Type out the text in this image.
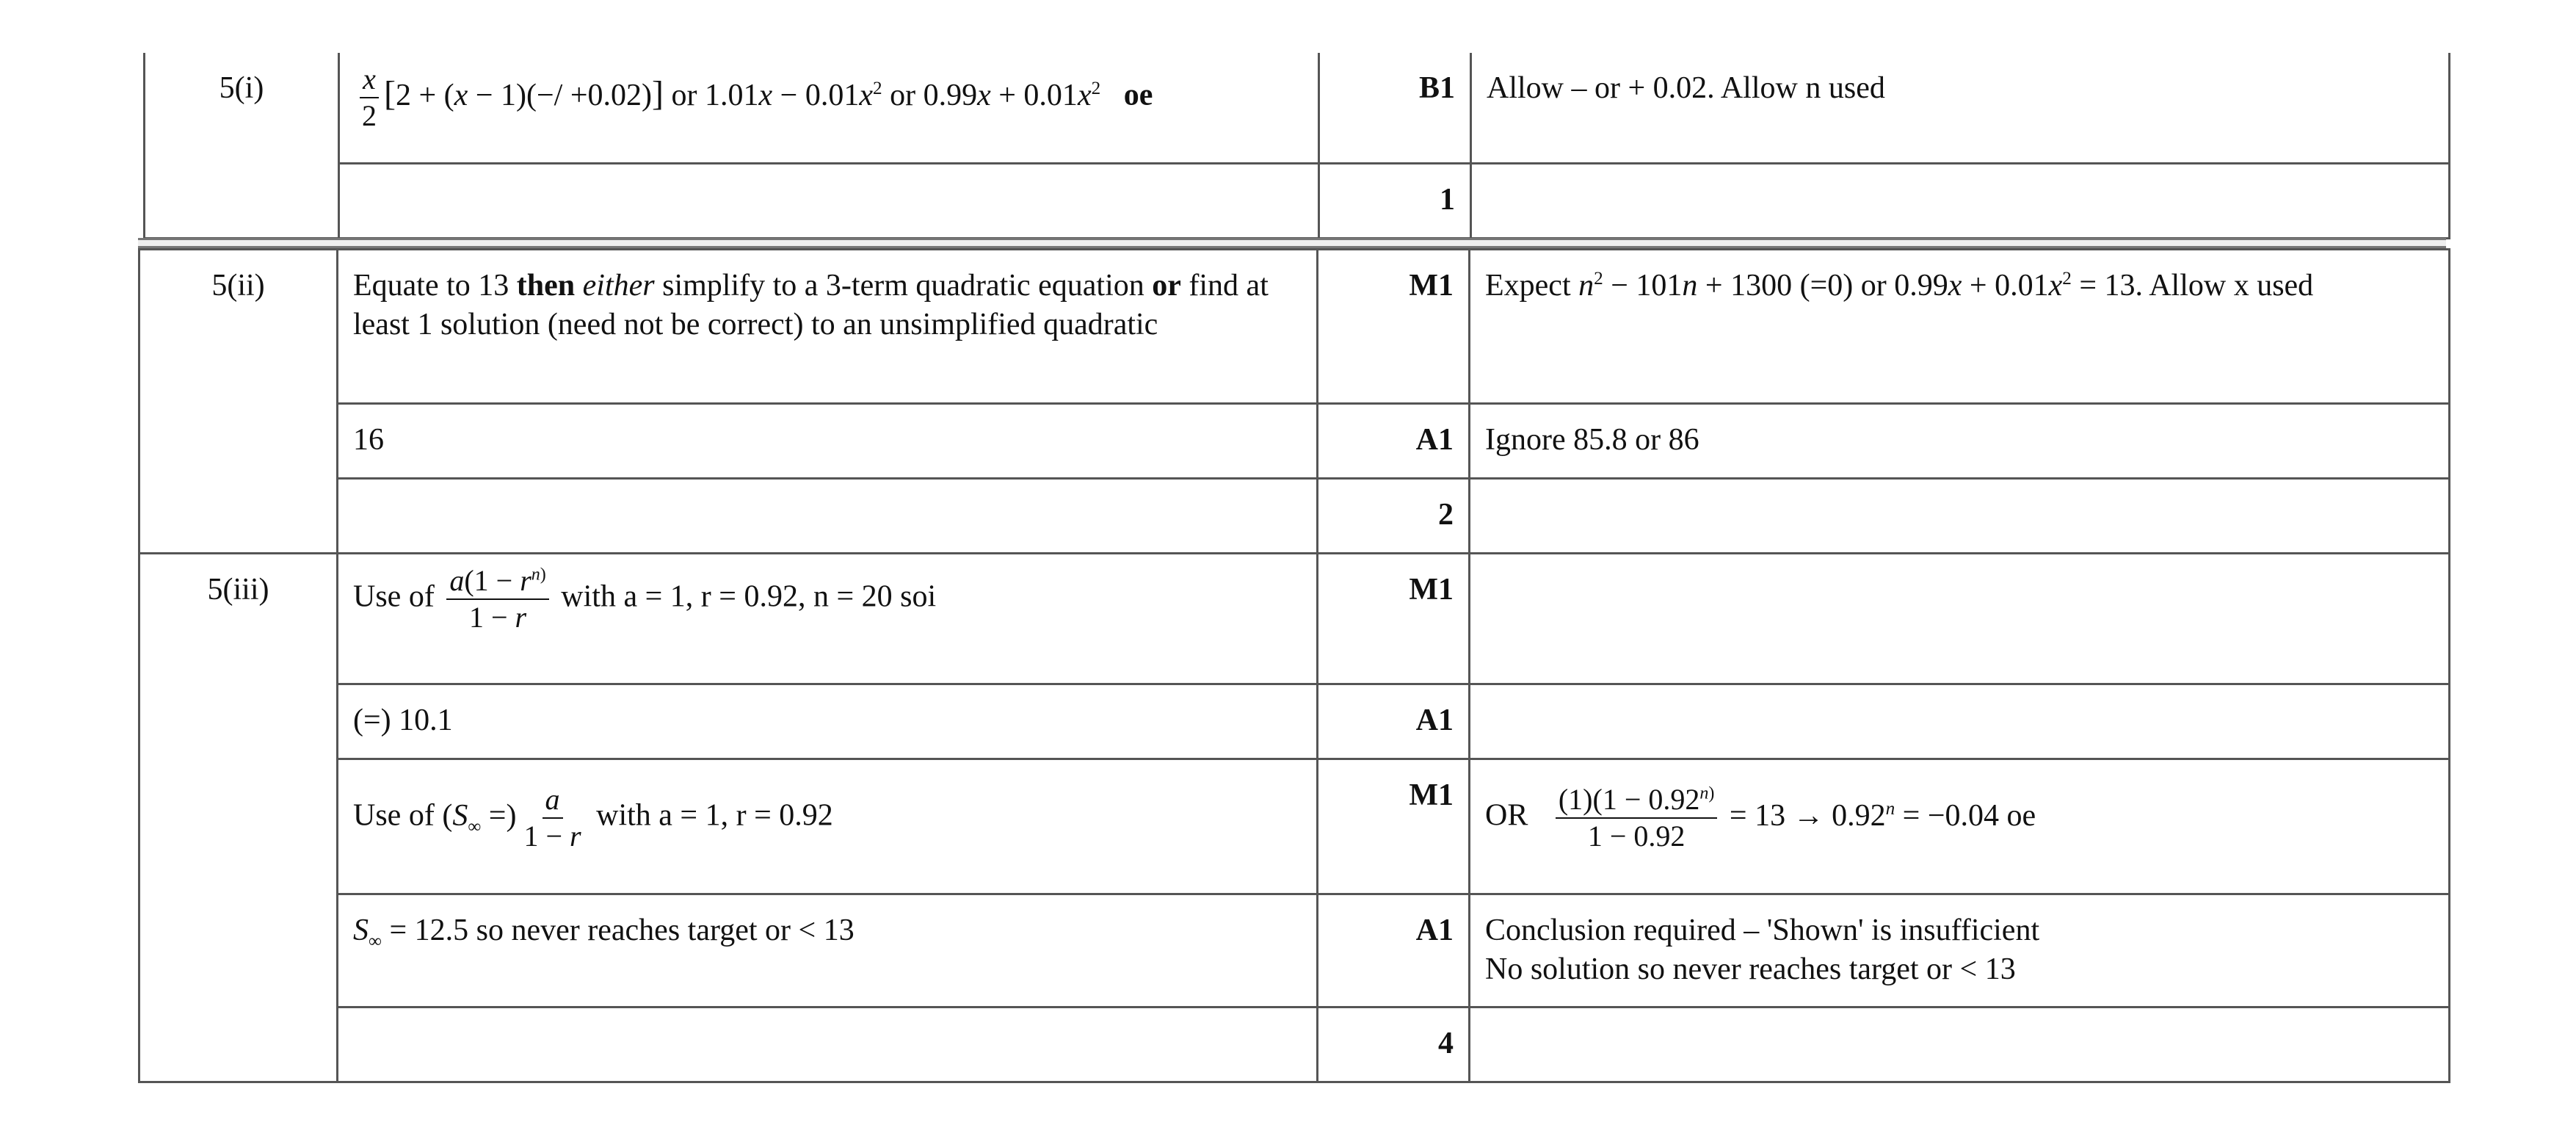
5(i)	$\frac{x}{2} [2 + (x - 1)(-/ +0.02)]$ or $1.01x - 0.01x^2$ or $0.99x + 0.01x^2$ oe	B1	Allow – or + 0.02. Allow n used
		1	
5(ii)	Equate to 13 then either simplify to a 3-term quadratic equation or find at least 1 solution (need not be correct) to an unsimplified quadratic	M1	Expect $n^2 - 101n + 1300$ (=0) or $0.99x + 0.01x^2 = 13$. Allow x used
	16	A1	Ignore 85.8 or 86
		2	
5(iii)	Use of $\frac{a(1 - r^{n)}}{1 - r}$ with a = 1, r = 0.92, n = 20 soi	M1	
	(=) 10.1	A1	
	Use of ($S_\infty$ =) $\frac{a}{1 - r}$ with a = 1, r = 0.92	M1	OR $\frac{(1)(1 - 0.92^{n)}}{1 - 0.92} = 13 \to 0.92^n = -0.04$ oe
	$S_\infty = 12.5$ so never reaches target or < 13	A1	Conclusion required – 'Shown' is insufficient
No solution so never reaches target or < 13

		4	
